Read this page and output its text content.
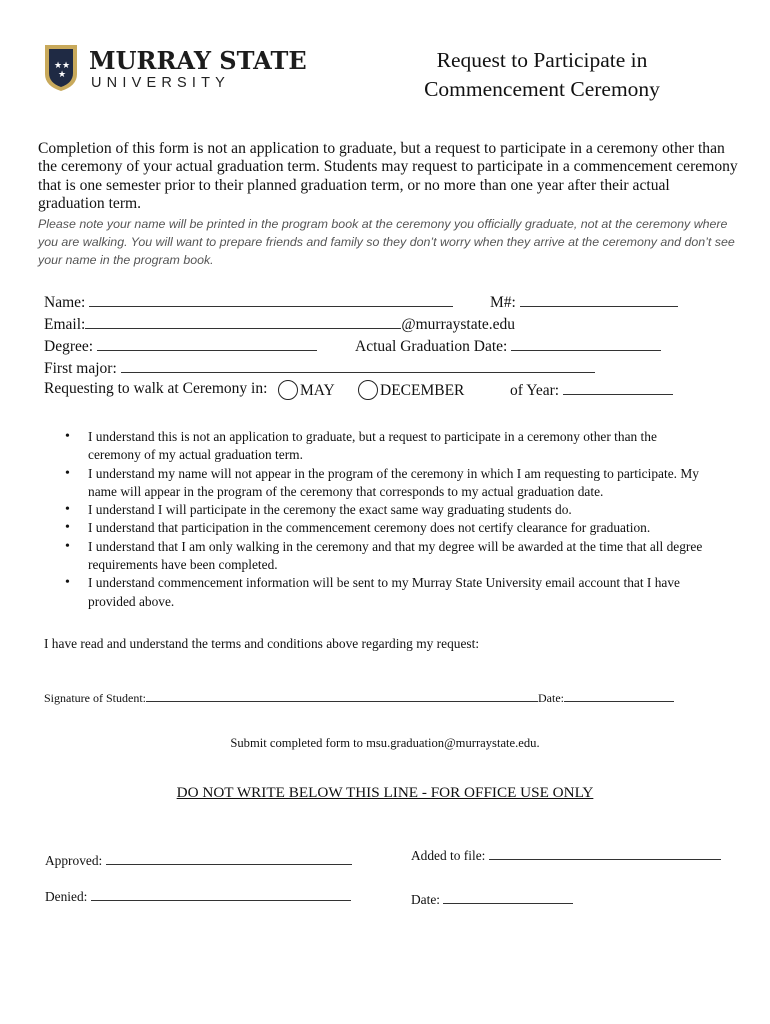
★ ★
★ MURRAY STATE
UNIVERSITY
Request to Participate in
Commencement Ceremony
Completion of this form is not an application to graduate, but a request to participate in a ceremony other than the ceremony of your actual graduation term. Students may request to participate in a commencement ceremony that is one semester prior to their planned graduation term, or no more than one year after their actual graduation term.
Please note your name will be printed in the program book at the ceremony you officially graduate, not at the ceremony where you are walking. You will want to prepare friends and family so they don’t worry when they arrive at the ceremony and don’t see your name in the program book.
Name:	M#:
Email:	@murraystate.edu
Degree:	Actual Graduation Date:
First major:
Requesting to walk at Ceremony in:	MAY	DECEMBER	of Year:
• I understand this is not an application to graduate, but a request to participate in a ceremony other than the ceremony of my actual graduation term.
• I understand my name will not appear in the program of the ceremony in which I am requesting to participate. My name will appear in the program of the ceremony that corresponds to my actual graduation date.
• I understand I will participate in the ceremony the exact same way graduating students do.
• I understand that participation in the commencement ceremony does not certify clearance for graduation.
• I understand that I am only walking in the ceremony and that my degree will be awarded at the time that all degree requirements have been completed.
• I understand commencement information will be sent to my Murray State University email account that I have provided above.
I have read and understand the terms and conditions above regarding my request:
Signature of Student:	Date:
Submit completed form to msu.graduation@murraystate.edu.
DO NOT WRITE BELOW THIS LINE - FOR OFFICE USE ONLY
Approved:	Added to file:
Denied:	Date:
